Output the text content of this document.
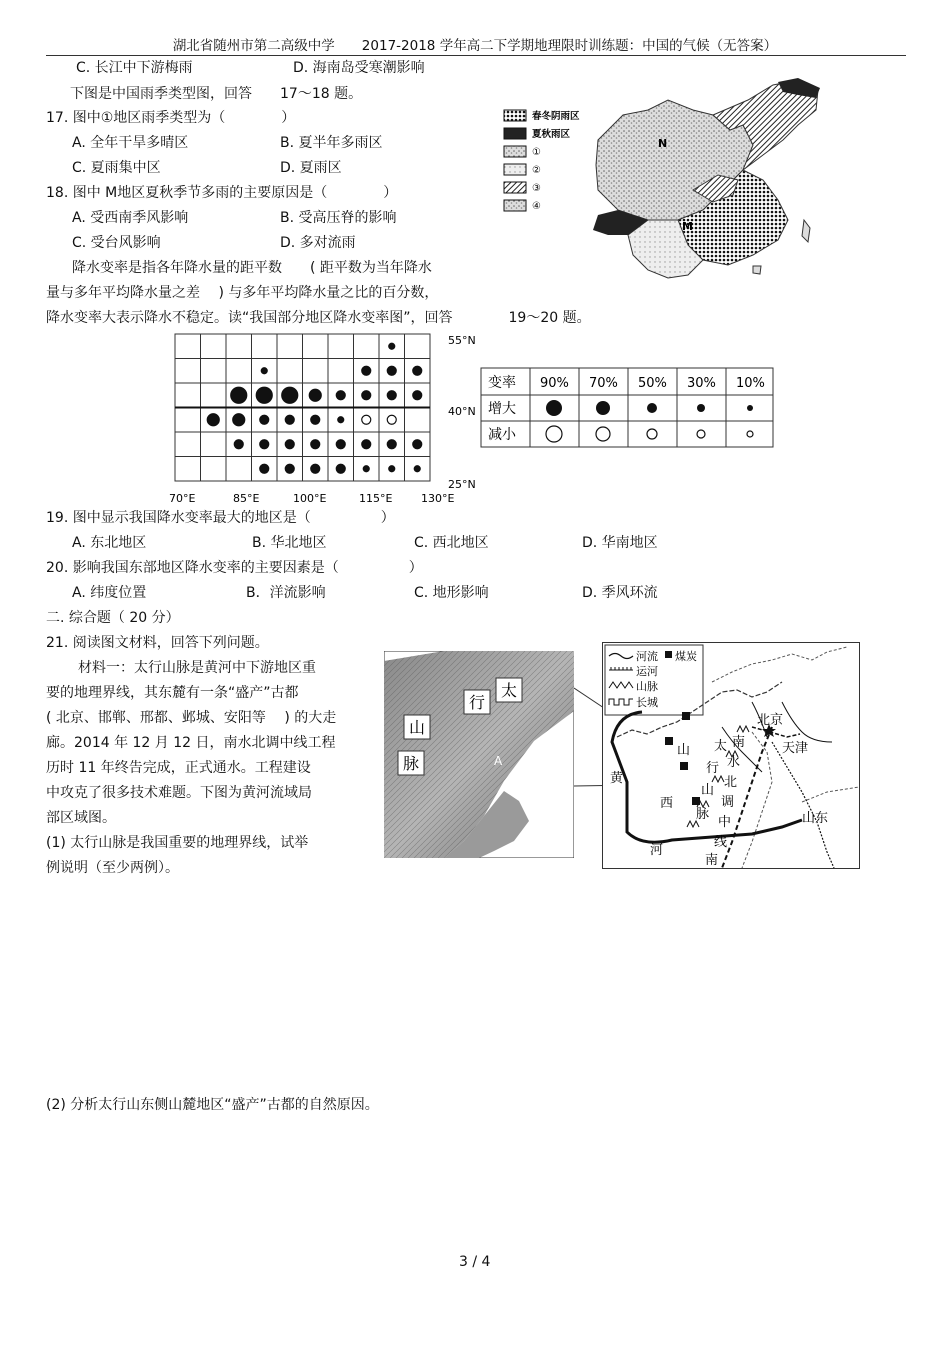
湖北省随州市第二高级中学　　2017-2018 学年高二下学期地理限时训练题：中国的气候（无答案）
C. 长江中下游梅雨	D. 海南岛受寒潮影响
下图是中国雨季类型图，回答　　17～18 题。
17. 图中①地区雨季类型为（　　　　）
A. 全年干旱多晴区	B. 夏半年多雨区
C. 夏雨集中区	D. 夏雨区
18. 图中 M地区夏秋季节多雨的主要原因是（　　　　）
A. 受西南季风影响	B. 受高压脊的影响
C. 受台风影响	D. 多对流雨
降水变率是指各年降水量的距平数　　( 距平数为当年降水
量与多年平均降水量之差　 ) 与多年平均降水量之比的百分数，
降水变率大表示降水不稳定。读“我国部分地区降水变率图”，回答　　　　19～20 题。
春冬阴雨区
夏秋雨区
①
②
③
④
N
M
55°N
40°N
25°N
70°E	85°E	100°E	115°E	130°E
变率
增大
减小
90% 70% 50% 30% 10%
19. 图中显示我国降水变率最大的地区是（　　　　　）
A. 东北地区	B. 华北地区	C. 西北地区	D. 华南地区
20. 影响我国东部地区降水变率的主要因素是（　　　　　）
A. 纬度位置	B．洋流影响	C. 地形影响	D. 季风环流
二. 综合题（ 20 分）
21. 阅读图文材料，回答下列问题。
材料一：太行山脉是黄河中下游地区重
要的地理界线，其东麓有一条“盛产”古都
( 北京、邯郸、邢都、邺城、安阳等　 ) 的大走
廊。2014 年 12 月 12 日，南水北调中线工程
历时 11 年终告完成，正式通水。工程建设
中攻克了很多技术难题。下图为黄河流域局
部区域图。
(1) 太行山脉是我国重要的地理界线，试举
例说明（至少两例）。
太
行
山
脉	A
河流 煤炭
运河
山脉
长城
北京
天津
山东
黄
河
南
西
山 太
行
山
脉
南
水
北
调
中
线
(2) 分析太行山东侧山麓地区“盛产”古都的自然原因。
3 / 4
